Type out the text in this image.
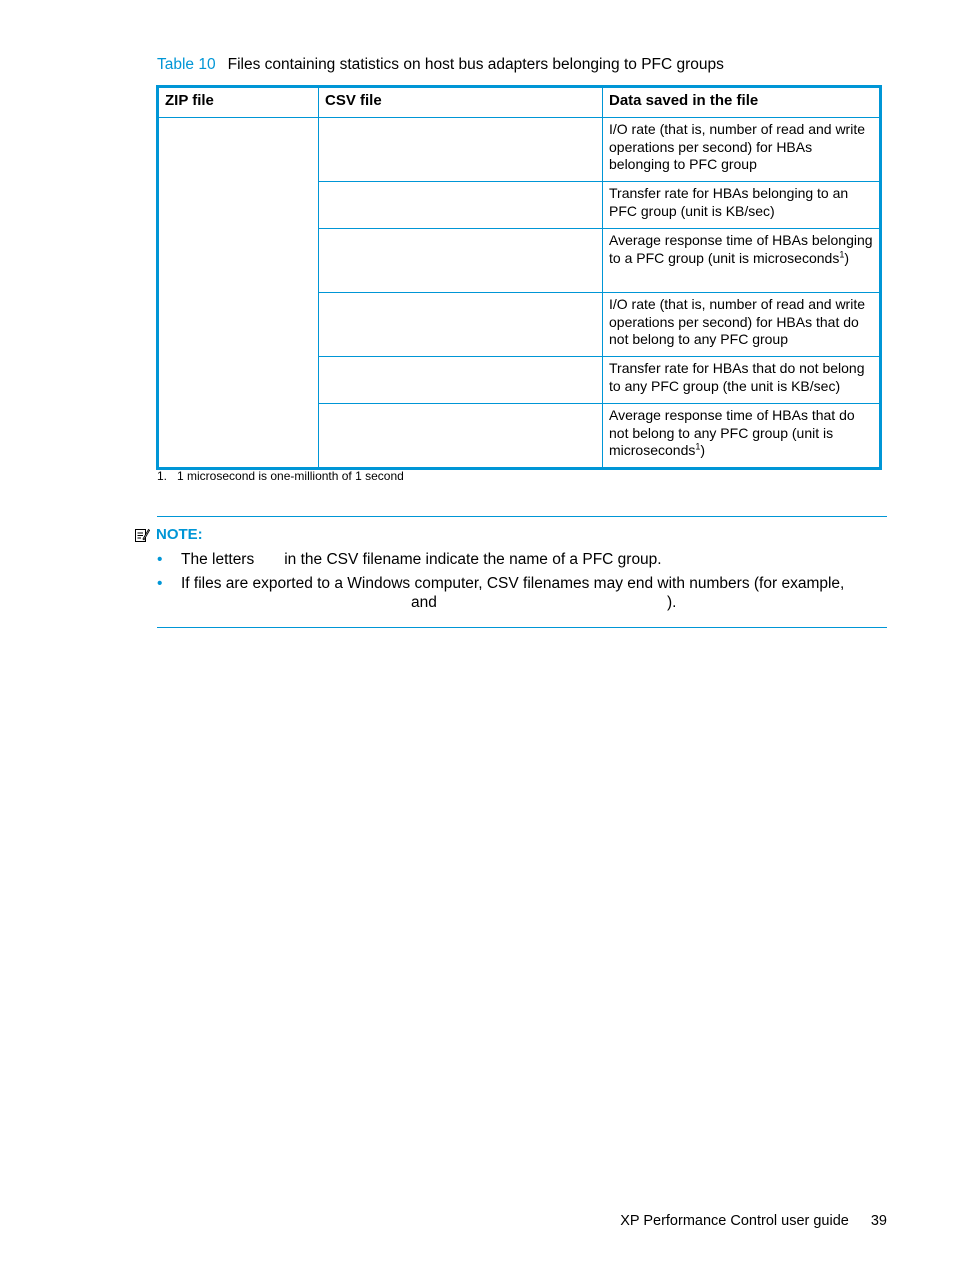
Table 10 Files containing statistics on host bus adapters belonging to PFC groups
ZIP file	CSV file	Data saved in the file
		I/O rate (that is, number of read and write operations per second) for HBAs belonging to PFC group
		Transfer rate for HBAs belonging to an PFC group (unit is KB/sec)
		Average response time of HBAs belonging to a PFC group (unit is microseconds$^1$)
		I/O rate (that is, number of read and write operations per second) for HBAs that do not belong to any PFC group
		Transfer rate for HBAs that do not belong to any PFC group (the unit is KB/sec)
		Average response time of HBAs that do not belong to any PFC group (unit is microseconds$^1$)
1. 1 microsecond is one-millionth of 1 second
NOTE:
• The letters in the CSV filename indicate the name of a PFC group.
• If files are exported to a Windows computer, CSV filenames may end with numbers (for example,
and	).
XP Performance Control user guide 39
